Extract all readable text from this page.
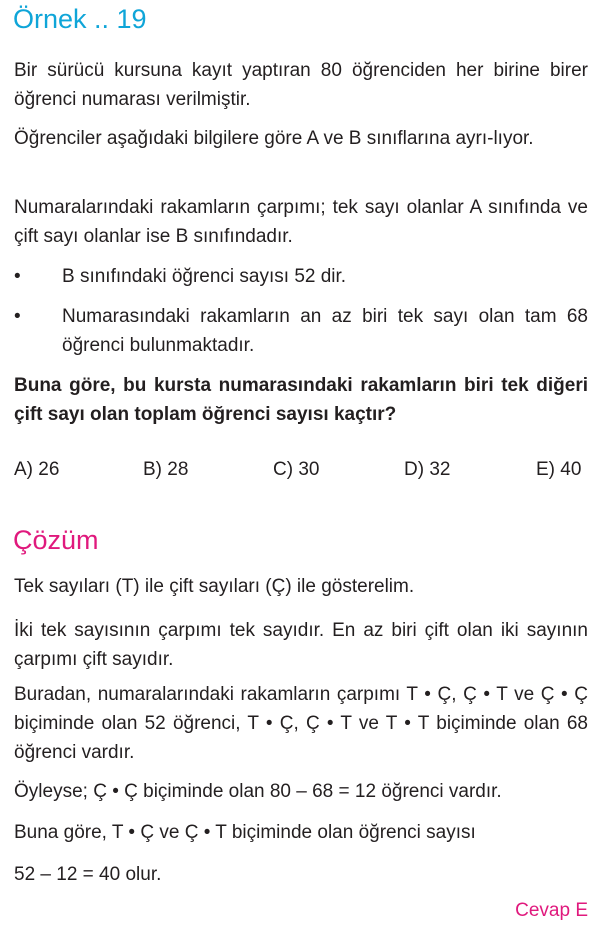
Örnek .. 19

Bir sürücü kursuna kayıt yaptıran 80 öğrenciden her birine birer öğrenci numarası verilmiştir.

Öğrenciler aşağıdaki bilgilere göre A ve B sınıflarına ayrı-lıyor.

Numaralarındaki rakamların çarpımı; tek sayı olanlar A sınıfında ve çift sayı olanlar ise B sınıfındadır.

• B sınıfındaki öğrenci sayısı 52 dir.

• Numarasındaki rakamların an az biri tek sayı olan tam 68 öğrenci bulunmaktadır.

Buna göre, bu kursta numarasındaki rakamların biri tek diğeri çift sayı olan toplam öğrenci sayısı kaçtır?

A) 26	B) 28	C) 30	D) 32	E) 40
Çözüm

Tek sayıları (T) ile çift sayıları (Ç) ile gösterelim.

İki tek sayısının çarpımı tek sayıdır. En az biri çift olan iki sayının çarpımı çift sayıdır.

Buradan, numaralarındaki rakamların çarpımı T • Ç, Ç • T ve Ç • Ç biçiminde olan 52 öğrenci, T • Ç, Ç • T ve T • T biçiminde olan 68 öğrenci vardır.

Öyleyse; Ç • Ç biçiminde olan 80 – 68 = 12 öğrenci vardır.

Buna göre, T • Ç ve Ç • T biçiminde olan öğrenci sayısı

52 – 12 = 40 olur.

Cevap E
